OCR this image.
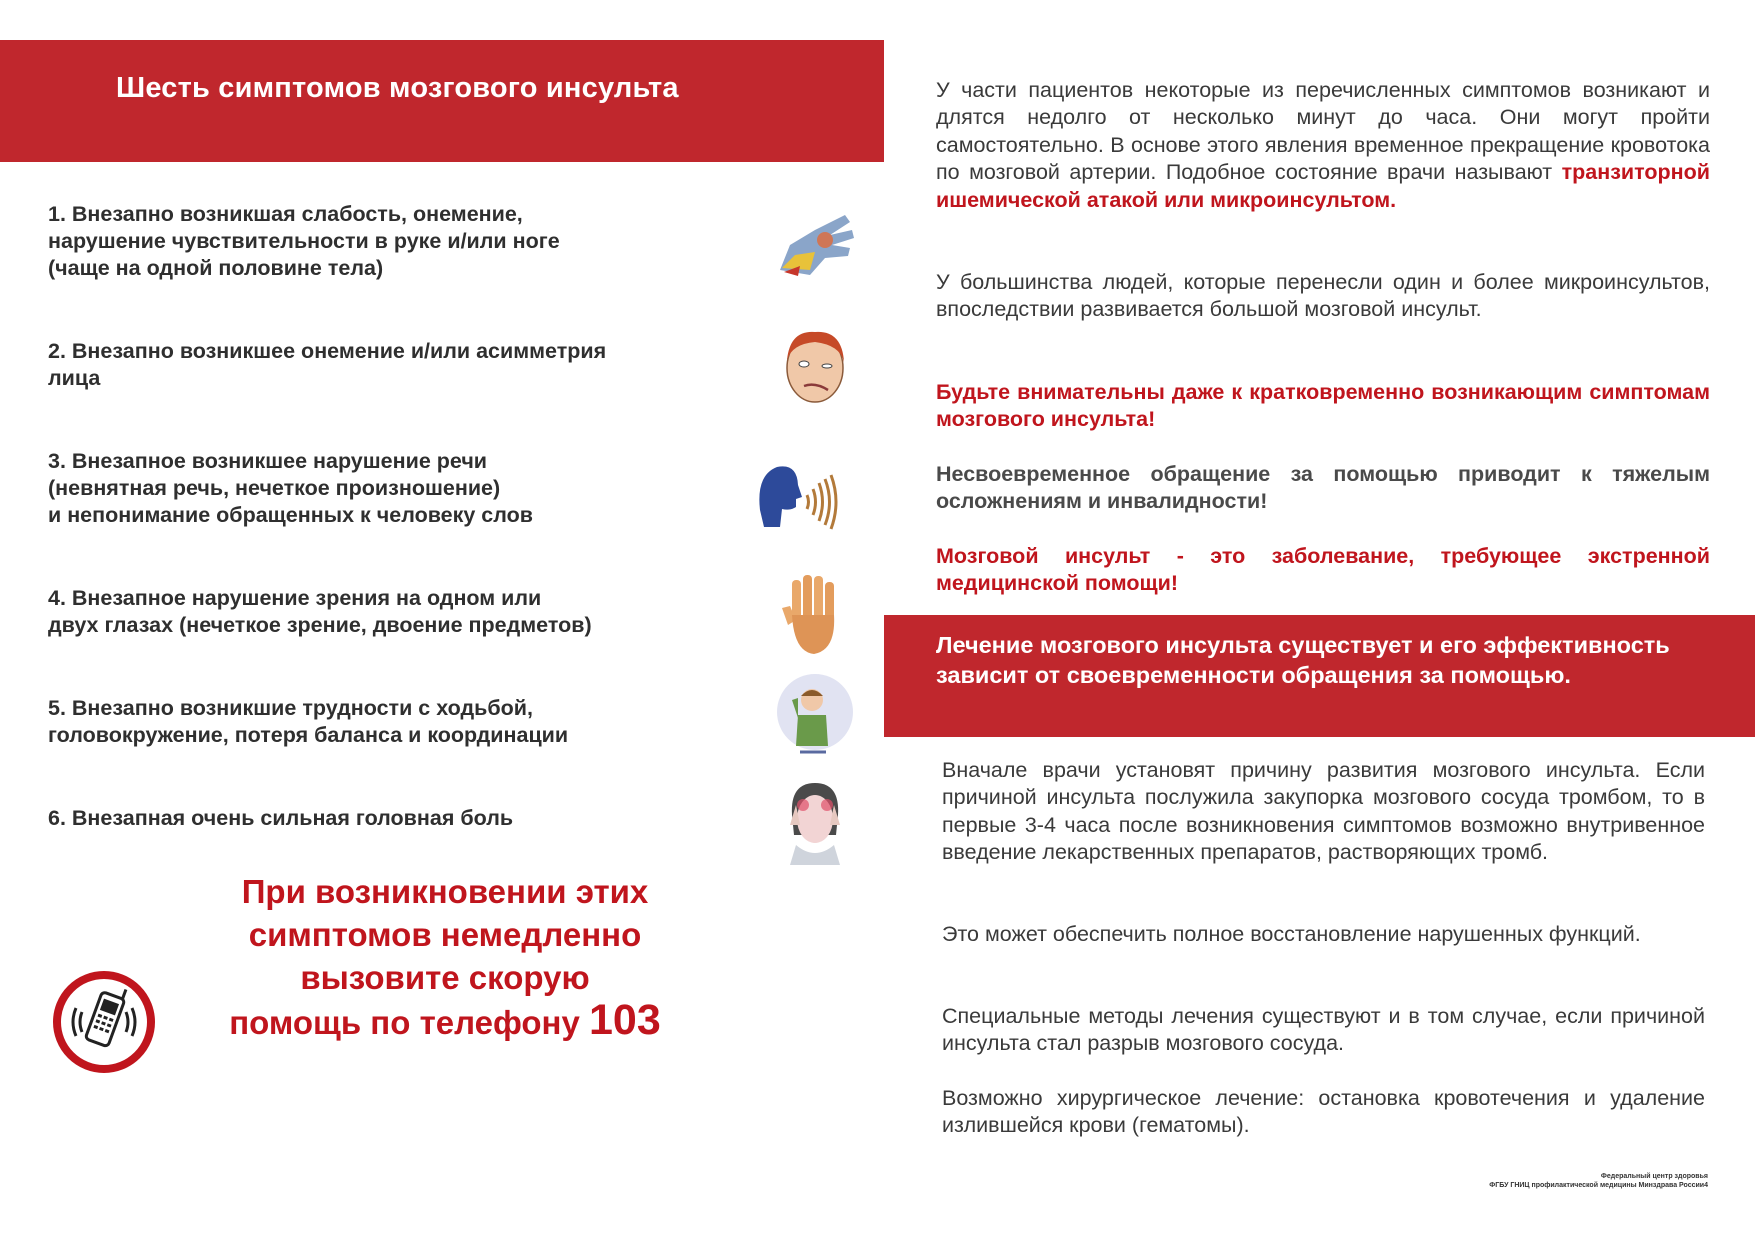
Шесть симптомов мозгового инсульта
1. Внезапно возникшая слабость, онемение,
нарушение чувствительности в руке и/или ноге
(чаще на одной половине тела)
2. Внезапно возникшее онемение и/или асимметрия
лица
3. Внезапное возникшее нарушение речи
(невнятная речь, нечеткое произношение)
и непонимание обращенных к человеку слов
4. Внезапное нарушение зрения на одном или
двух глазах (нечеткое зрение, двоение предметов)
5. Внезапно возникшие трудности с ходьбой,
головокружение, потеря баланса и координации
6. Внезапная очень сильная головная боль
При возникновении этих
симптомов немедленно
вызовите скорую
помощь по телефону 103
У части пациентов некоторые из перечисленных симптомов возникают и длятся недолго от несколько минут до часа. Они могут пройти самостоятельно. В основе этого явления временное прекращение кровотока по мозговой артерии. Подобное состояние врачи называют транзиторной ишемической атакой или микроинсультом.
У большинства людей, которые перенесли один и более микроинсультов, впоследствии развивается большой мозговой инсульт.
Будьте внимательны даже к кратковременно возникающим симптомам мозгового инсульта!
Несвоевременное обращение за помощью приводит к тяжелым осложнениям и инвалидности!
Мозговой инсульт - это заболевание, требующее экстренной медицинской помощи!
Лечение мозгового инсульта существует и его эффективность зависит от своевременности обращения за помощью.
Вначале врачи установят причину развития мозгового инсульта. Если причиной инсульта послужила закупорка мозгового сосуда тромбом, то в первые 3-4 часа после возникновения симптомов возможно внутривенное введение лекарственных препаратов, растворяющих тромб.
Это может обеспечить полное восстановление нарушенных функций.
Специальные методы лечения существуют и в том случае, если причиной инсульта стал разрыв мозгового сосуда.
Возможно хирургическое лечение: остановка кровотечения и удаление излившейся крови (гематомы).
Федеральный центр здоровья
ФГБУ ГНИЦ профилактической медицины Минздрава России4
